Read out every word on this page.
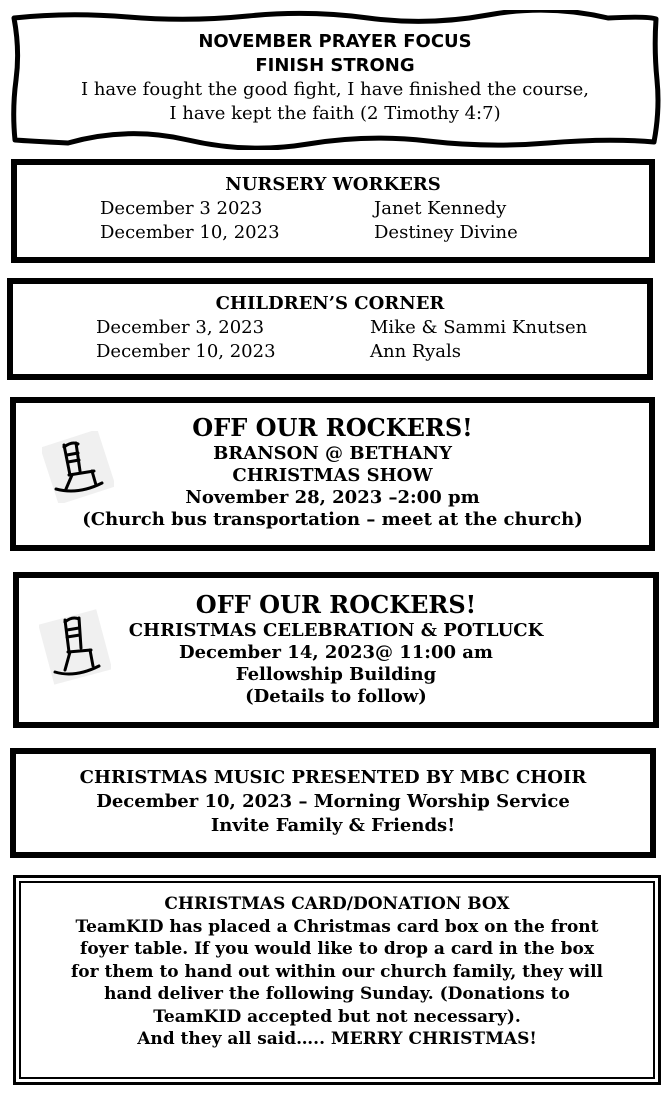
NOVEMBER PRAYER FOCUS
FINISH STRONG
I have fought the good fight, I have finished the course,
I have kept the faith (2 Timothy 4:7)
NURSERY WORKERS
December 3 2023	Janet Kennedy
December 10, 2023	Destiney Divine
CHILDREN’S CORNER
December 3, 2023	Mike & Sammi Knutsen
December 10, 2023	Ann Ryals
OFF OUR ROCKERS!
BRANSON @ BETHANY
CHRISTMAS SHOW
November 28, 2023 –2:00 pm
(Church bus transportation – meet at the church)
OFF OUR ROCKERS!
CHRISTMAS CELEBRATION & POTLUCK
December 14, 2023@ 11:00 am
Fellowship Building
(Details to follow)
CHRISTMAS MUSIC PRESENTED BY MBC CHOIR
December 10, 2023 – Morning Worship Service
Invite Family & Friends!
CHRISTMAS CARD/DONATION BOX
TeamKID has placed a Christmas card box on the front
foyer table. If you would like to drop a card in the box
for them to hand out within our church family, they will
hand deliver the following Sunday. (Donations to
TeamKID accepted but not necessary).
And they all said….. MERRY CHRISTMAS!
